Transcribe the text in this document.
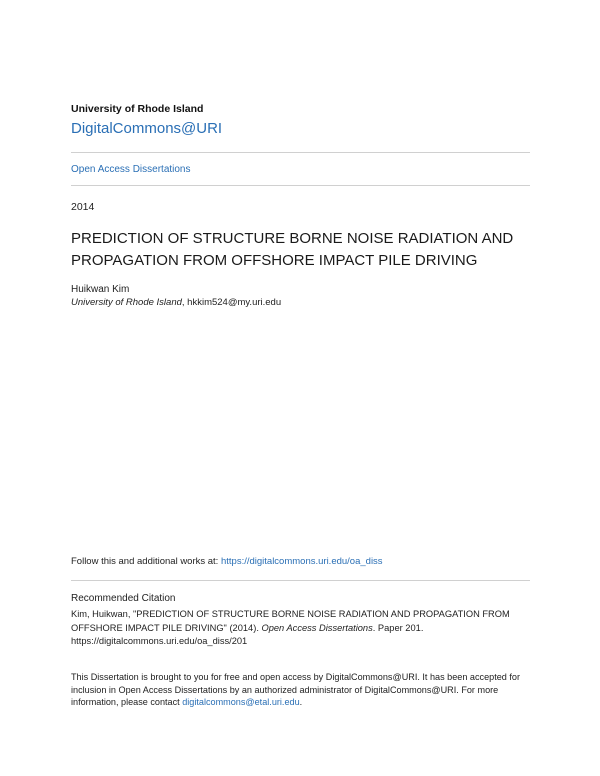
University of Rhode Island
DigitalCommons@URI
Open Access Dissertations
2014
PREDICTION OF STRUCTURE BORNE NOISE RADIATION AND
PROPAGATION FROM OFFSHORE IMPACT PILE DRIVING
Huikwan Kim
University of Rhode Island, hkkim524@my.uri.edu
Follow this and additional works at: https://digitalcommons.uri.edu/oa_diss
Recommended Citation
Kim, Huikwan, "PREDICTION OF STRUCTURE BORNE NOISE RADIATION AND PROPAGATION FROM
OFFSHORE IMPACT PILE DRIVING" (2014). Open Access Dissertations. Paper 201.
https://digitalcommons.uri.edu/oa_diss/201
This Dissertation is brought to you for free and open access by DigitalCommons@URI. It has been accepted for
inclusion in Open Access Dissertations by an authorized administrator of DigitalCommons@URI. For more
information, please contact digitalcommons@etal.uri.edu.
